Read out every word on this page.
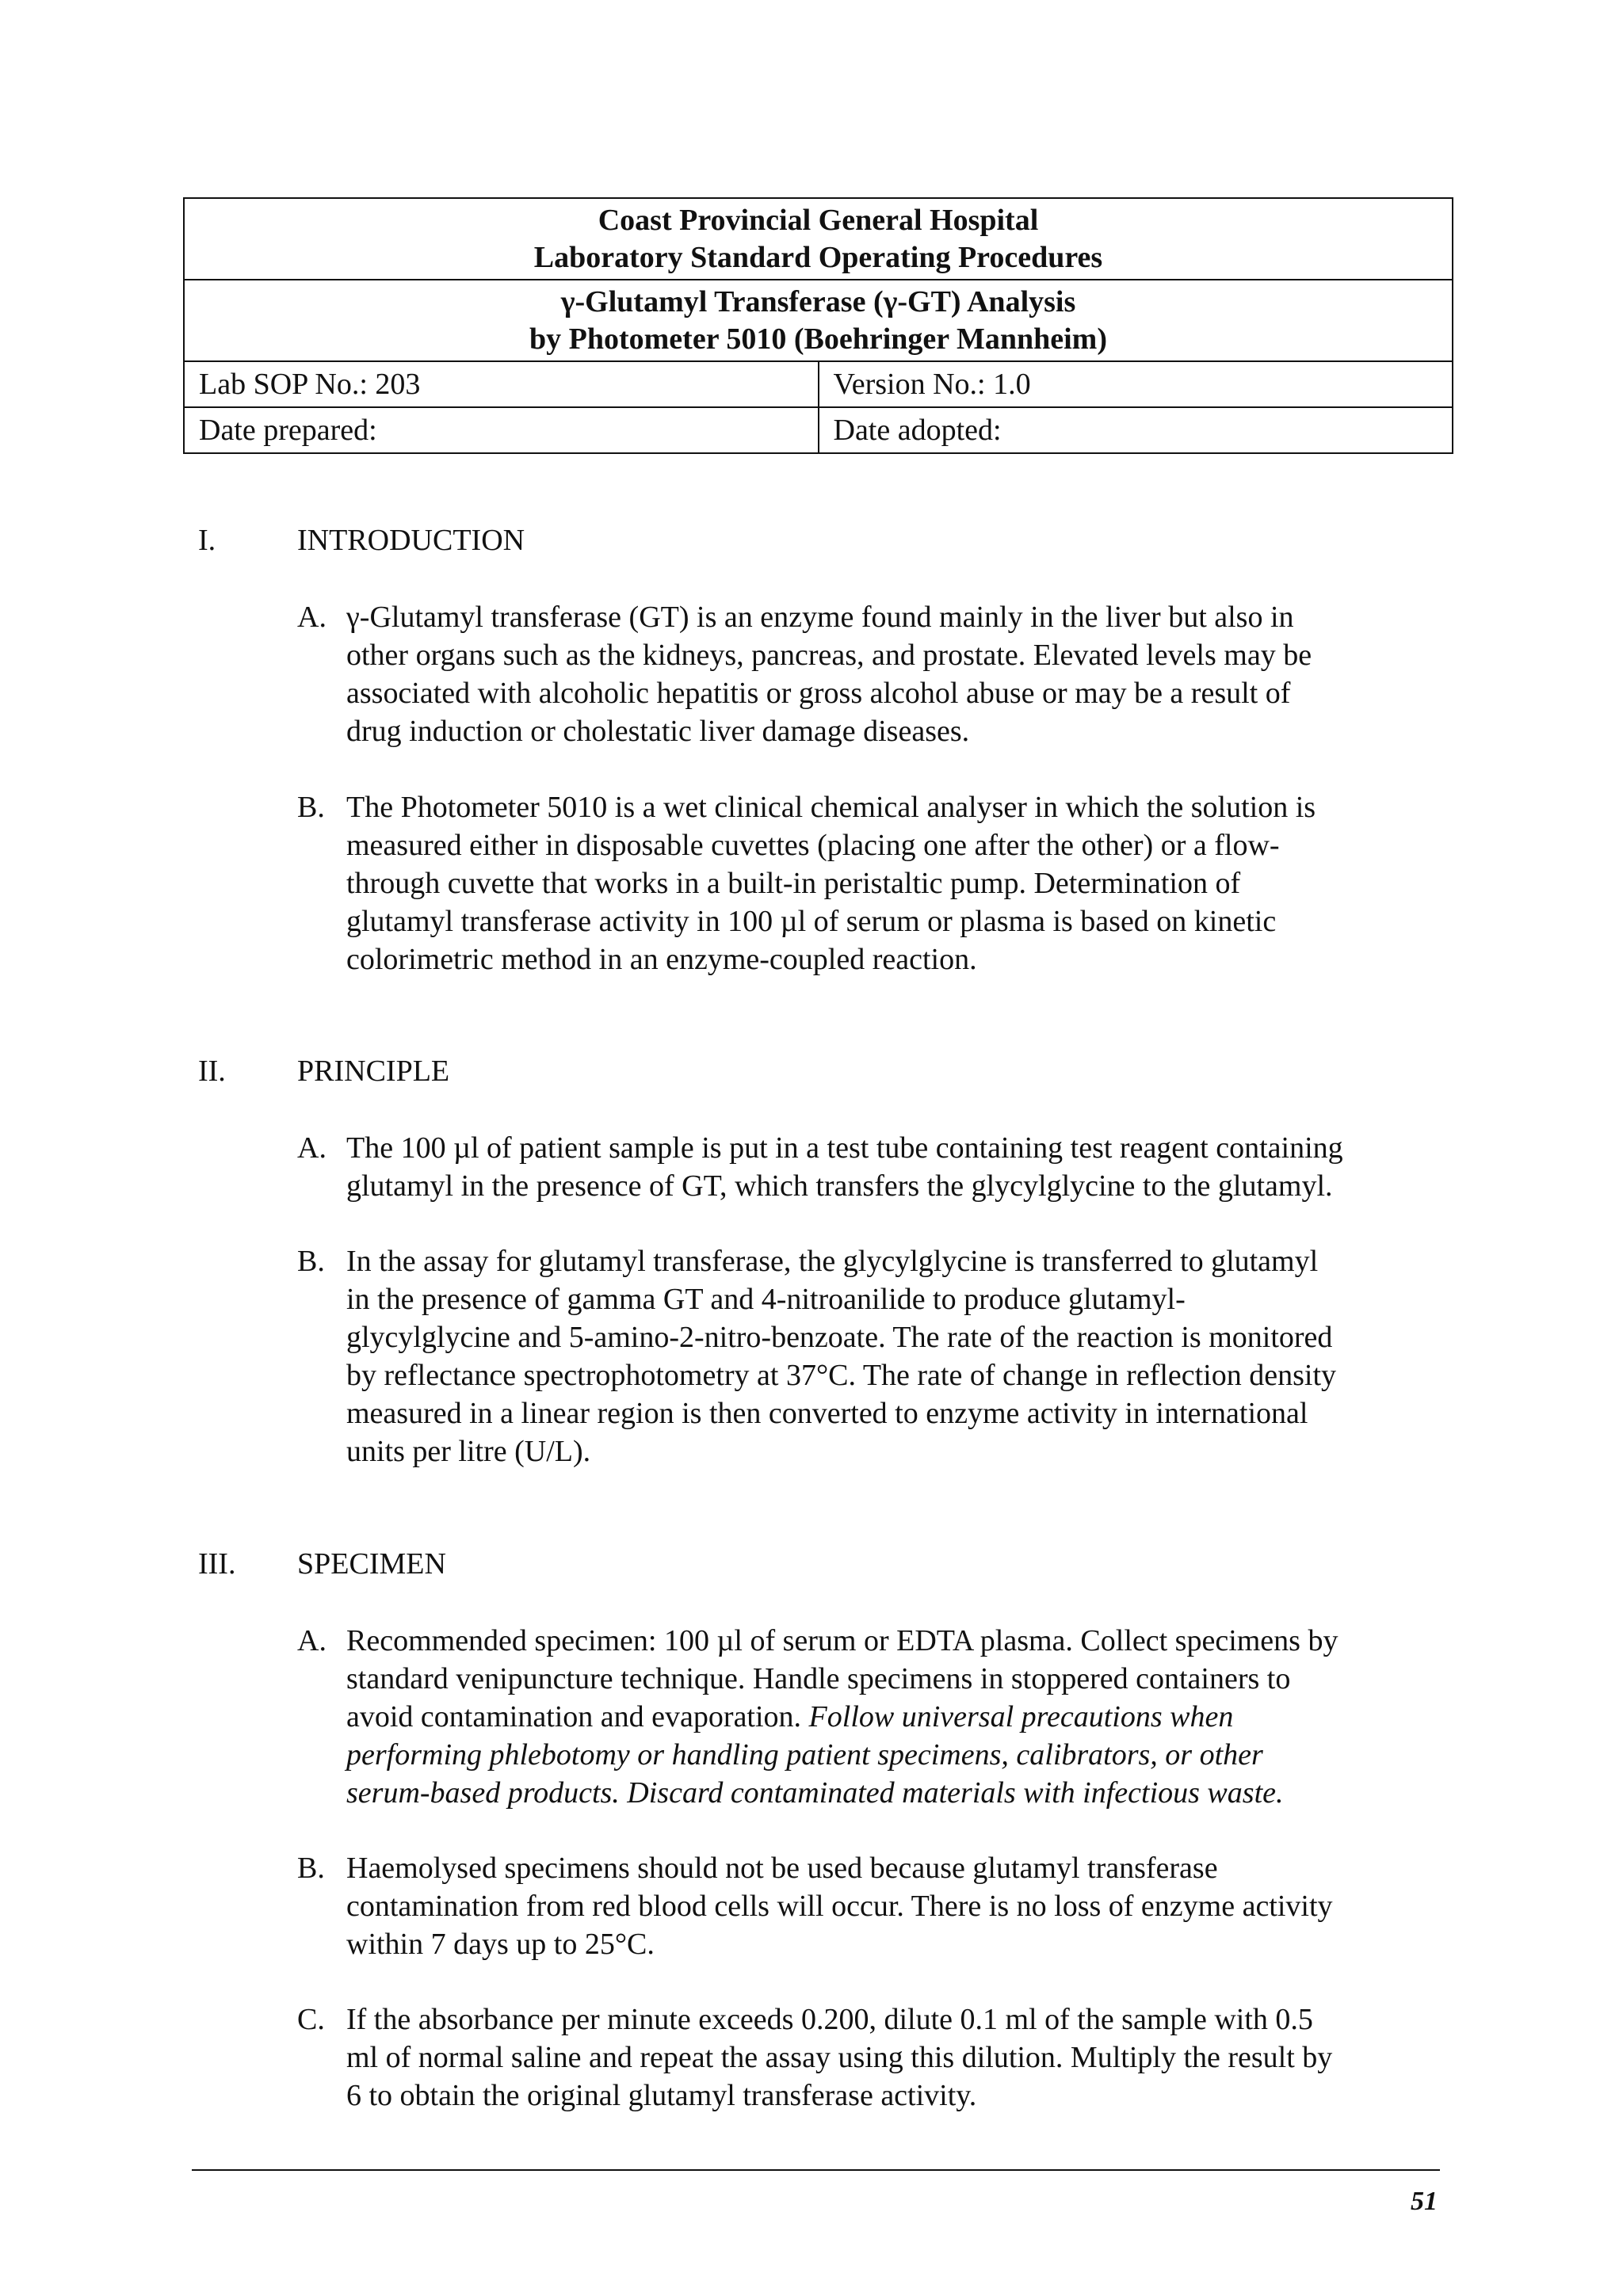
Coast Provincial General Hospital
Laboratory Standard Operating Procedures	

γ-Glutamyl Transferase (γ-GT) Analysis
by Photometer 5010 (Boehringer Mannheim)	

Lab SOP No.: 203	Version No.: 1.0
Date prepared:	Date adopted:
I.	INTRODUCTION
A. γ-Glutamyl transferase (GT) is an enzyme found mainly in the liver but also in
other organs such as the kidneys, pancreas, and prostate. Elevated levels may be
associated with alcoholic hepatitis or gross alcohol abuse or may be a result of
drug induction or cholestatic liver damage diseases.
B. The Photometer 5010 is a wet clinical chemical analyser in which the solution is
measured either in disposable cuvettes (placing one after the other) or a flow-
through cuvette that works in a built-in peristaltic pump. Determination of
glutamyl transferase activity in 100 µl of serum or plasma is based on kinetic
colorimetric method in an enzyme-coupled reaction.
II. PRINCIPLE
A. The 100 µl of patient sample is put in a test tube containing test reagent containing
glutamyl in the presence of GT, which transfers the glycylglycine to the glutamyl.
B. In the assay for glutamyl transferase, the glycylglycine is transferred to glutamyl
in the presence of gamma GT and 4-nitroanilide to produce glutamyl-
glycylglycine and 5-amino-2-nitro-benzoate. The rate of the reaction is monitored
by reflectance spectrophotometry at 37°C. The rate of change in reflection density
measured in a linear region is then converted to enzyme activity in international
units per litre (U/L).
III. SPECIMEN
A. Recommended specimen: 100 µl of serum or EDTA plasma. Collect specimens by
standard venipuncture technique. Handle specimens in stoppered containers to
avoid contamination and evaporation. Follow universal precautions when
performing phlebotomy or handling patient specimens, calibrators, or other
serum-based products. Discard contaminated materials with infectious waste.
B. Haemolysed specimens should not be used because glutamyl transferase
contamination from red blood cells will occur. There is no loss of enzyme activity
within 7 days up to 25°C.
C. If the absorbance per minute exceeds 0.200, dilute 0.1 ml of the sample with 0.5
ml of normal saline and repeat the assay using this dilution. Multiply the result by
6 to obtain the original glutamyl transferase activity.
51
